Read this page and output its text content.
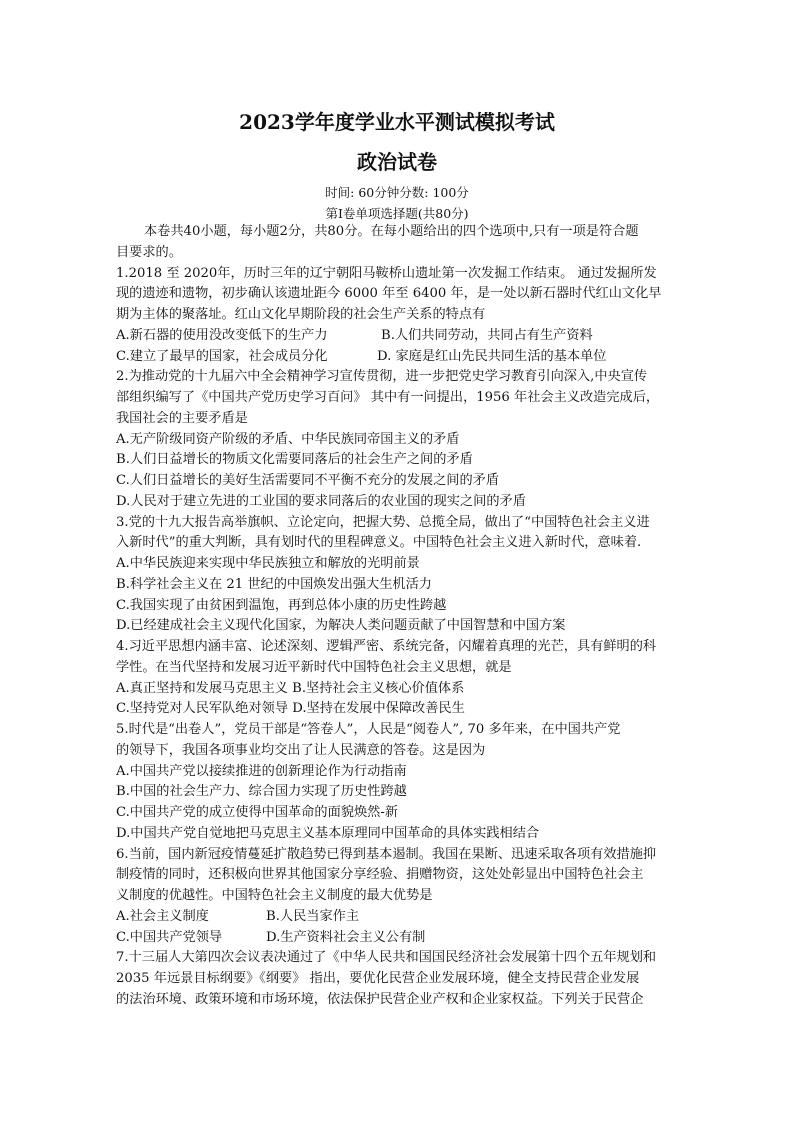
2023学年度学业水平测试模拟考试
政治试卷
时间: 60分钟分数: 100分
第Ⅰ卷单项选择题(共80分)
本卷共40小题，每小题2分，共80分。在每小题给出的四个选项中,只有一项是符合题
目要求的。
1.2018 至 2020年，历时三年的辽宁朝阳马鞍桥山遗址第一次发掘工作结束。 通过发掘所发
现的遗迹和遗物，初步确认该遗址距今 6000 年至 6400 年，是一处以新石器时代红山文化早
期为主体的聚落址。红山文化早期阶段的社会生产关系的特点有
A.新石器的使用没改变低下的生产力	B.人们共同劳动，共同占有生产资料
C.建立了最早的国家，社会成员分化	D. 家庭是红山先民共同生活的基本单位
2.为推动党的十九届六中全会精神学习宣传贯彻，进一步把党史学习教育引向深入,中央宣传
部组织编写了《中国共产党历史学习百问》 其中有一问提出，1956 年社会主义改造完成后，
我国社会的主要矛盾是
A.无产阶级同资产阶级的矛盾、中华民族同帝国主义的矛盾
B.人们日益增长的物质文化需要同落后的社会生产之间的矛盾
C.人们日益增长的美好生活需要同不平衡不充分的发展之间的矛盾
D.人民对于建立先进的工业国的要求同落后的农业国的现实之间的矛盾
3.党的十九大报告高举旗帜、立论定向，把握大势、总揽全局，做出了“中国特色社会主义进
入新时代”的重大判断，具有划时代的里程碑意义。中国特色社会主义进入新时代，意味着.
A.中华民族迎来实现中华民族独立和解放的光明前景
B.科学社会主义在 21 世纪的中国焕发出强大生机活力
C.我国实现了由贫困到温饱，再到总体小康的历史性跨越
D.已经建成社会主义现代化国家，为解决人类问题贡献了中国智慧和中国方案
4.习近平思想内涵丰富、论述深刻、逻辑严密、系统完备，闪耀着真理的光芒，具有鲜明的科
学性。在当代坚持和发展习近平新时代中国特色社会主义思想，就是
A.真正坚持和发展马克思主义 B.坚持社会主义核心价值体系
C.坚持党对人民军队绝对领导 D.坚持在发展中保障改善民生
5.时代是“出卷人”，党员干部是“答卷人”，人民是“阅卷人”, 70 多年来，在中国共产党
的领导下，我国各项事业均交出了让人民满意的答卷。这是因为
A.中国共产党以接续推进的创新理论作为行动指南
B.中国的社会生产力、综合国力实现了历史性跨越
C.中国共产党的成立使得中国革命的面貌焕然-新
D.中国共产党自觉地把马克思主义基本原理同中国革命的具体实践相结合
6.当前，国内新冠疫情蔓延扩散趋势已得到基本遏制。我国在果断、迅速采取各项有效措施抑
制疫情的同时，还积极向世界其他国家分享经验、捐赠物资，这处处彰显出中国特色社会主
义制度的优越性。中国特色社会主义制度的最大优势是
A.社会主义制度	B.人民当家作主
C.中国共产党领导	D.生产资料社会主义公有制
7.十三届人大第四次会议表决通过了《中华人民共和国国民经济社会发展第十四个五年规划和
2035 年远景目标纲要》《纲要》 指出，要优化民营企业发展环境，健全支持民营企业发展
的法治环境、政策环境和市场环境，依法保护民营企业产权和企业家权益。下列关于民营企
